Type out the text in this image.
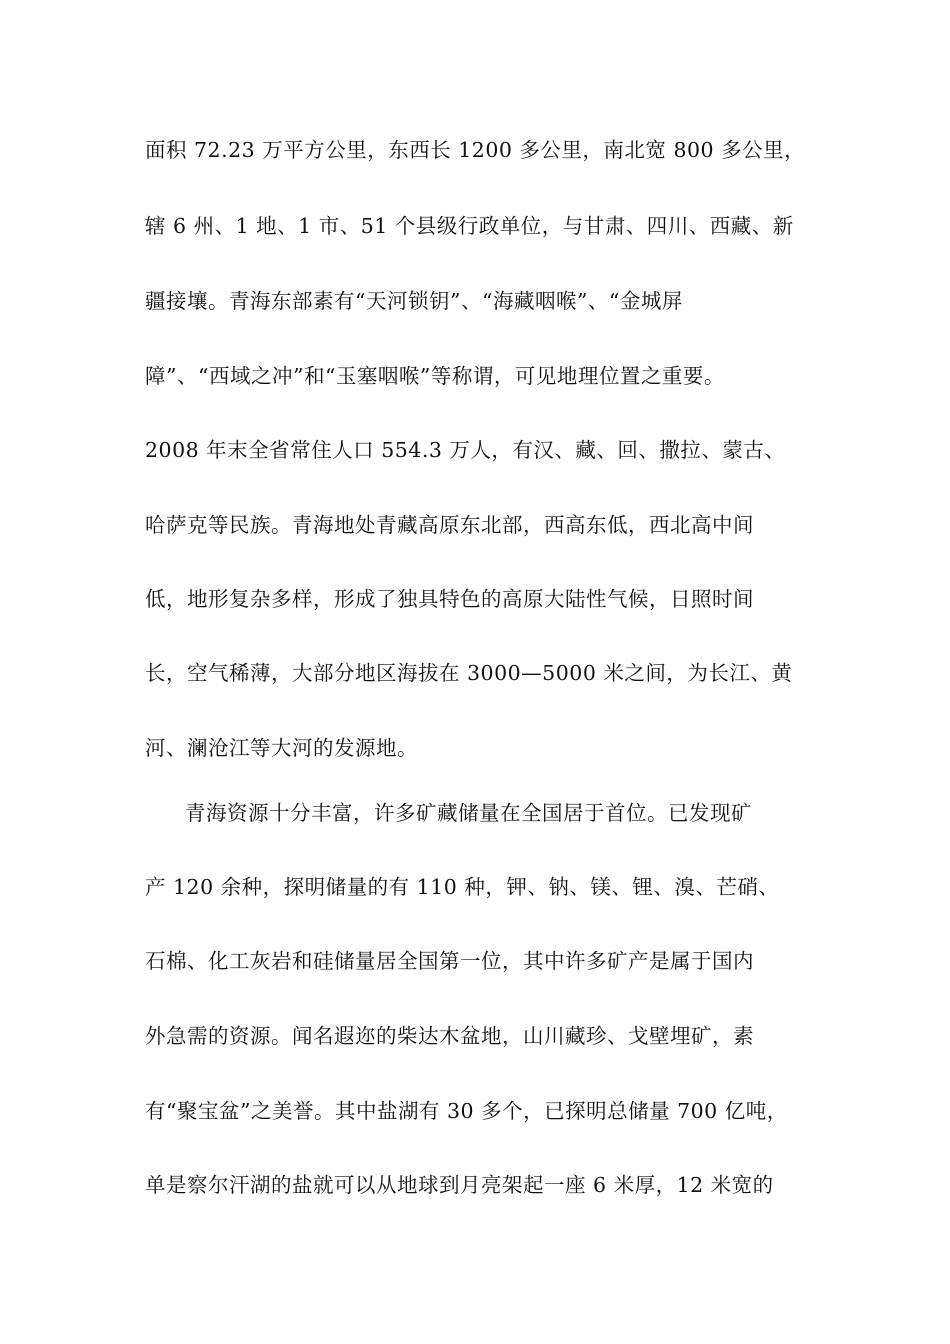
面积 72.23 万平方公里，东西长 1200 多公里，南北宽 800 多公里，
辖 6 州、1 地、1 市、51 个县级行政单位，与甘肃、四川、西藏、新
疆接壤。青海东部素有“天河锁钥”、“海藏咽喉”、“金城屏
障”、“西域之冲”和“玉塞咽喉”等称谓，可见地理位置之重要。
2008 年末全省常住人口 554.3 万人，有汉、藏、回、撒拉、蒙古、
哈萨克等民族。青海地处青藏高原东北部，西高东低，西北高中间
低，地形复杂多样，形成了独具特色的高原大陆性气候，日照时间
长，空气稀薄，大部分地区海拔在 3000—5000 米之间，为长江、黄
河、澜沧江等大河的发源地。
青海资源十分丰富，许多矿藏储量在全国居于首位。已发现矿
产 120 余种，探明储量的有 110 种，钾、钠、镁、锂、溴、芒硝、
石棉、化工灰岩和硅储量居全国第一位，其中许多矿产是属于国内
外急需的资源。闻名遐迩的柴达木盆地，山川藏珍、戈壁埋矿，素
有“聚宝盆”之美誉。其中盐湖有 30 多个，已探明总储量 700 亿吨，
单是察尔汗湖的盐就可以从地球到月亮架起一座 6 米厚，12 米宽的
